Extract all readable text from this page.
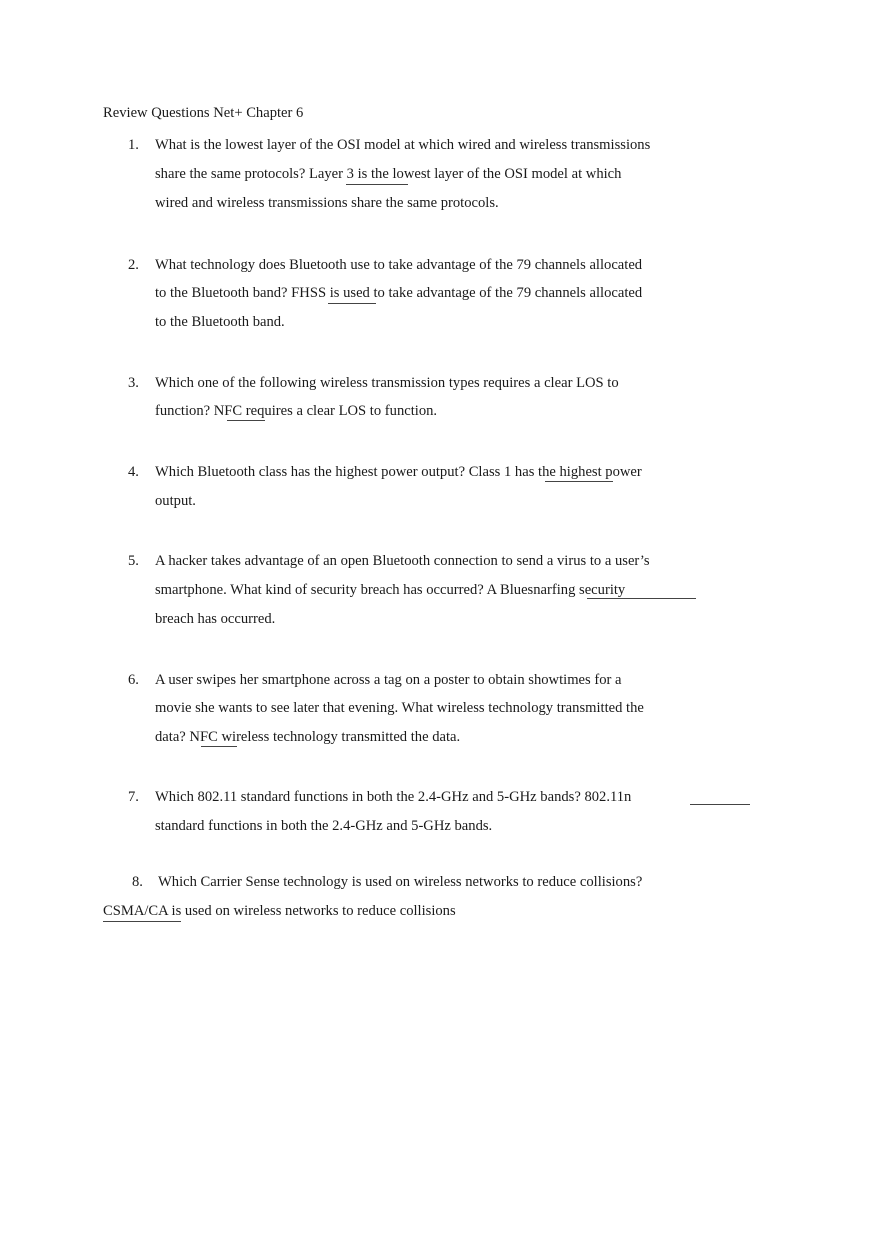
Review Questions Net+ Chapter 6
1. What is the lowest layer of the OSI model at which wired and wireless transmissions
share the same protocols? Layer 3 is the lowest layer of the OSI model at which
wired and wireless transmissions share the same protocols.
2. What technology does Bluetooth use to take advantage of the 79 channels allocated
to the Bluetooth band? FHSS is used to take advantage of the 79 channels allocated
to the Bluetooth band.
3. Which one of the following wireless transmission types requires a clear LOS to
function? NFC requires a clear LOS to function.
4. Which Bluetooth class has the highest power output? Class 1 has the highest power
output.
5. A hacker takes advantage of an open Bluetooth connection to send a virus to a user’s
smartphone. What kind of security breach has occurred? A Bluesnarfing security
breach has occurred.
6. A user swipes her smartphone across a tag on a poster to obtain showtimes for a
movie she wants to see later that evening. What wireless technology transmitted the
data? NFC wireless technology transmitted the data.
7. Which 802.11 standard functions in both the 2.4-GHz and 5-GHz bands? 802.11n
standard functions in both the 2.4-GHz and 5-GHz bands.
8. Which Carrier Sense technology is used on wireless networks to reduce collisions?
CSMA/CA is used on wireless networks to reduce collisions
